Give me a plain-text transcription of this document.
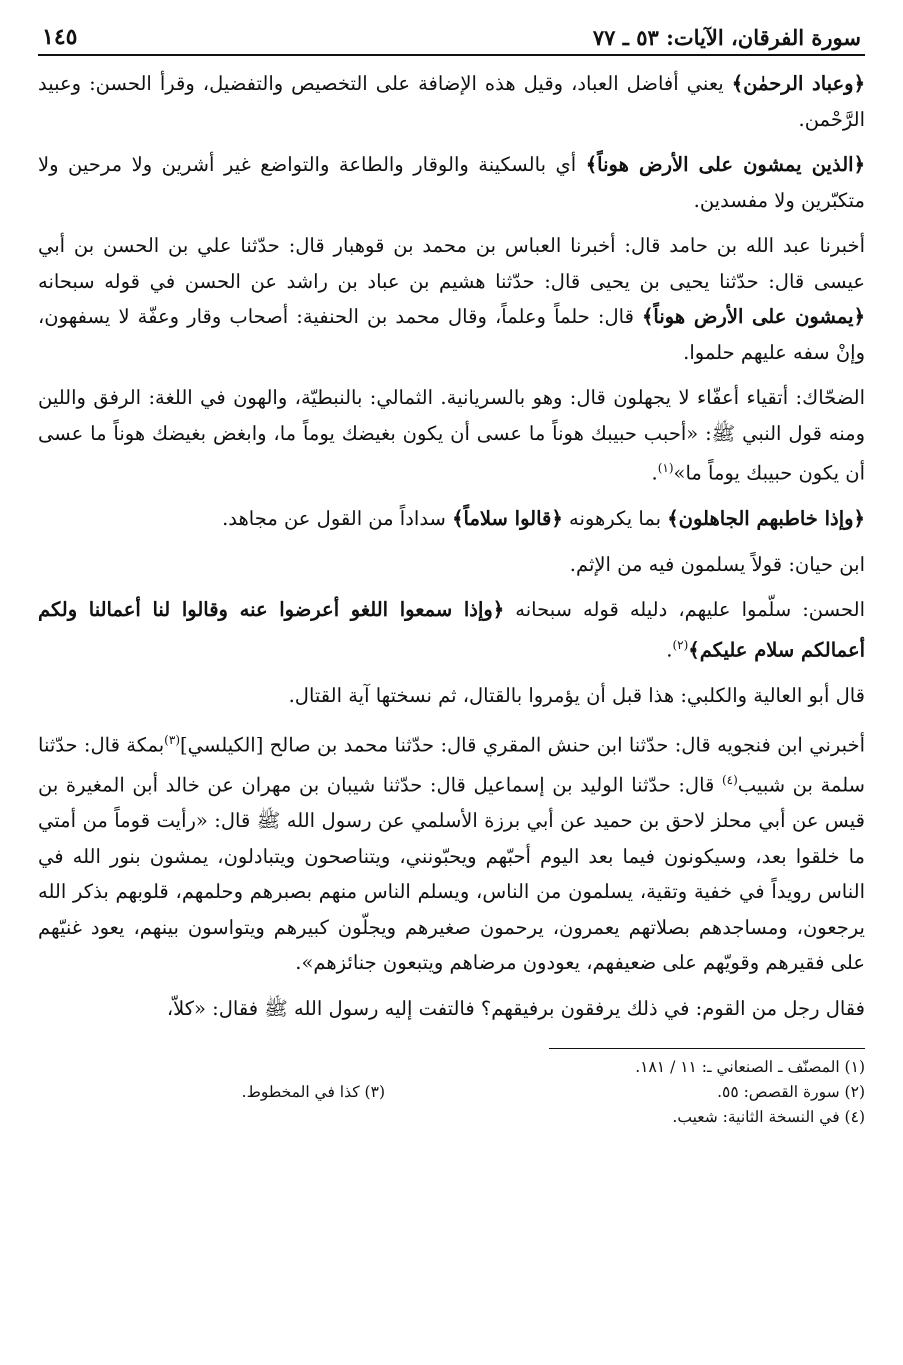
سورة الفرقان، الآيات: ٥٣ ـ ٧٧
١٤٥

﴿وعباد الرحمٰن﴾ يعني أفاضل العباد، وقيل هذه الإضافة على التخصيص والتفضيل، وقرأ الحسن: وعبيد الرَّحْمن.

﴿الذين يمشون على الأرض هوناً﴾ أي بالسكينة والوقار والطاعة والتواضع غير أشرين ولا مرحين ولا متكبّرين ولا مفسدين.

أخبرنا عبد الله بن حامد قال: أخبرنا العباس بن محمد بن قوهبار قال: حدّثنا علي بن الحسن بن أبي عيسى قال: حدّثنا يحيى بن يحيى قال: حدّثنا هشيم بن عباد بن راشد عن الحسن في قوله سبحانه ﴿يمشون على الأرض هوناً﴾ قال: حلماً وعلماً، وقال محمد بن الحنفية: أصحاب وقار وعفّة لا يسفهون، وإنْ سفه عليهم حلموا.

الضحّاك: أتقياء أعفّاء لا يجهلون قال: وهو بالسريانية. الثمالي: بالنبطيّة، والهون في اللغة: الرفق واللين ومنه قول النبي ﷺ: «أحبب حبيبك هوناً ما عسى أن يكون بغيضك يوماً ما، وابغض بغيضك هوناً ما عسى أن يكون حبيبك يوماً ما»$^{(١)}$.

﴿وإذا خاطبهم الجاهلون﴾ بما يكرهونه ﴿قالوا سلاماً﴾ سداداً من القول عن مجاهد.

ابن حيان: قولاً يسلمون فيه من الإثم.

الحسن: سلّموا عليهم، دليله قوله سبحانه ﴿وإذا سمعوا اللغو أعرضوا عنه وقالوا لنا أعمالنا ولكم أعمالكم سلام عليكم﴾$^{(٢)}$.

قال أبو العالية والكلبي: هذا قبل أن يؤمروا بالقتال، ثم نسختها آية القتال.

أخبرني ابن فنجويه قال: حدّثنا ابن حنش المقري قال: حدّثنا محمد بن صالح [الكيلسي]$^{(٣)}$بمكة قال: حدّثنا سلمة بن شبيب$^{(٤)}$ قال: حدّثنا الوليد بن إسماعيل قال: حدّثنا شيبان بن مهران عن خالد أبن المغيرة بن قيس عن أبي محلز لاحق بن حميد عن أبي برزة الأسلمي عن رسول الله ﷺ قال: «رأيت قوماً من أمتي ما خلقوا بعد، وسيكونون فيما بعد اليوم أحبّهم ويحبّونني، ويتناصحون ويتبادلون، يمشون بنور الله في الناس رويداً في خفية وتقية، يسلمون من الناس، ويسلم الناس منهم بصبرهم وحلمهم، قلوبهم بذكر الله يرجعون، ومساجدهم بصلاتهم يعمرون، يرحمون صغيرهم ويجلّون كبيرهم ويتواسون بينهم، يعود غنيّهم على فقيرهم وقويّهم على ضعيفهم، يعودون مرضاهم ويتبعون جنائزهم».

فقال رجل من القوم: في ذلك يرفقون برفيقهم؟ فالتفت إليه رسول الله ﷺ فقال: «كلاّ،

(١) المصنّف ـ الصنعاني ـ: ١١ / ١٨١.
(٢) سورة القصص: ٥٥.
(٣) كذا في المخطوط.
(٤) في النسخة الثانية: شعيب.
